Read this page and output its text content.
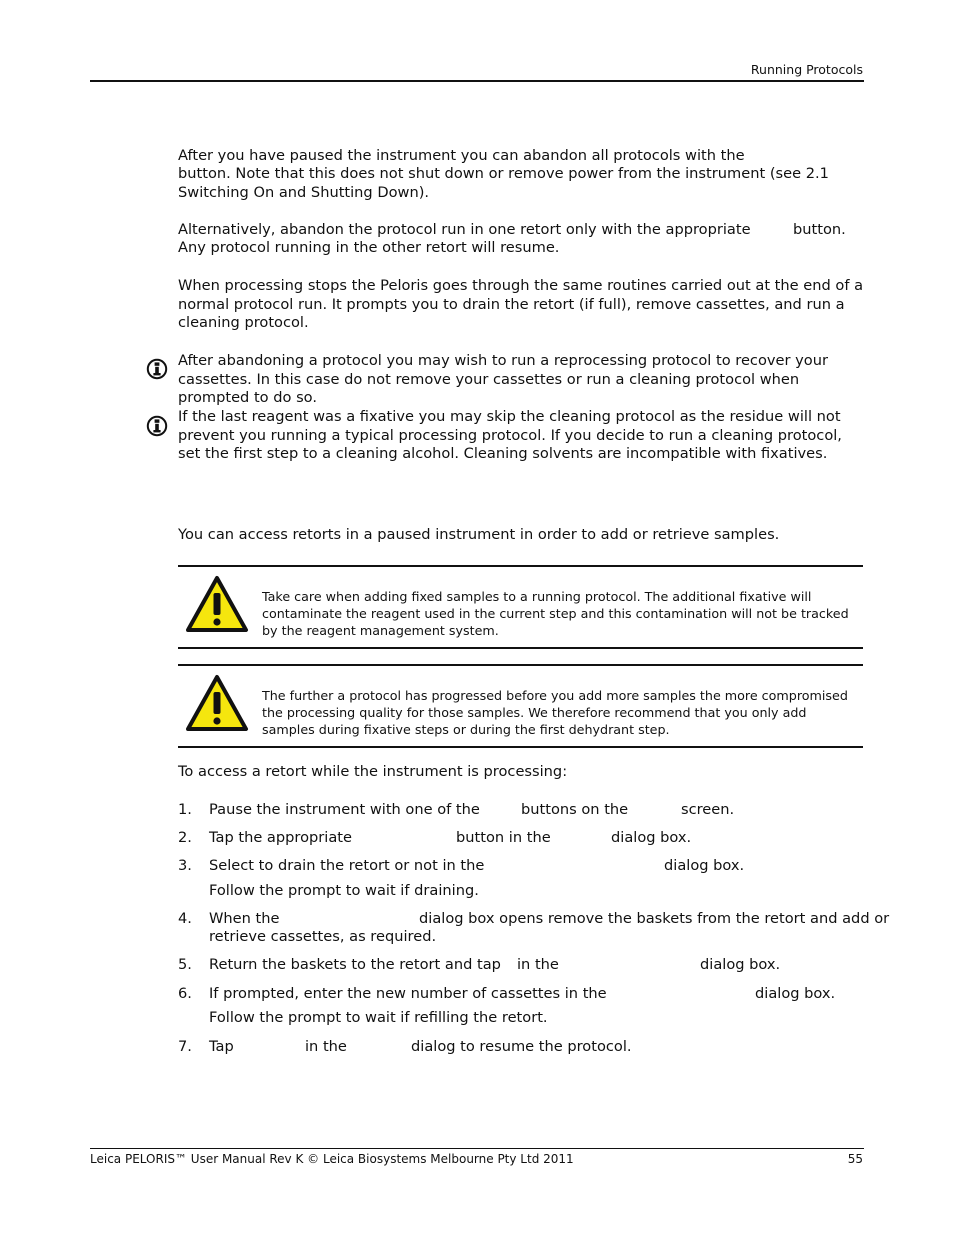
Running Protocols
After you have paused the instrument you can abandon all protocols with the

button. Note that this does not shut down or remove power from the instrument (see 2.1 Switching On and Shutting Down).

Alternatively, abandon the protocol run in one retort only with the appropriate	button.
Any protocol running in the other retort will resume.

When processing stops the Peloris goes through the same routines carried out at the end of a normal protocol run. It prompts you to drain the retort (if full), remove cassettes, and run a cleaning protocol.

After abandoning a protocol you may wish to run a reprocessing protocol to recover your cassettes. In this case do not remove your cassettes or run a cleaning protocol when prompted to do so.

If the last reagent was a fixative you may skip the cleaning protocol as the residue will not prevent you running a typical processing protocol. If you decide to run a cleaning protocol, set the first step to a cleaning alcohol. Cleaning solvents are incompatible with fixatives.

You can access retorts in a paused instrument in order to add or retrieve samples.

Take care when adding fixed samples to a running protocol. The additional fixative will contaminate the reagent used in the current step and this contamination will not be tracked by the reagent management system.

The further a protocol has progressed before you add more samples the more compromised the processing quality for those samples. We therefore recommend that you only add samples during fixative steps or during the first dehydrant step.

To access a retort while the instrument is processing:

1. Pause the instrument with one of the	buttons on the	screen.
2. Tap the appropriate	button in the	dialog box.
3. Select to drain the retort or not in the	dialog box.
Follow the prompt to wait if draining.
4. When the	dialog box opens remove the baskets from the retort and add or
retrieve cassettes, as required.
5. Return the baskets to the retort and tap in the	dialog box.
6. If prompted, enter the new number of cassettes in the	dialog box.
Follow the prompt to wait if refilling the retort.
7. Tap	in the	dialog to resume the protocol.
Leica PELORIS™ User Manual Rev K © Leica Biosystems Melbourne Pty Ltd 2011	55
